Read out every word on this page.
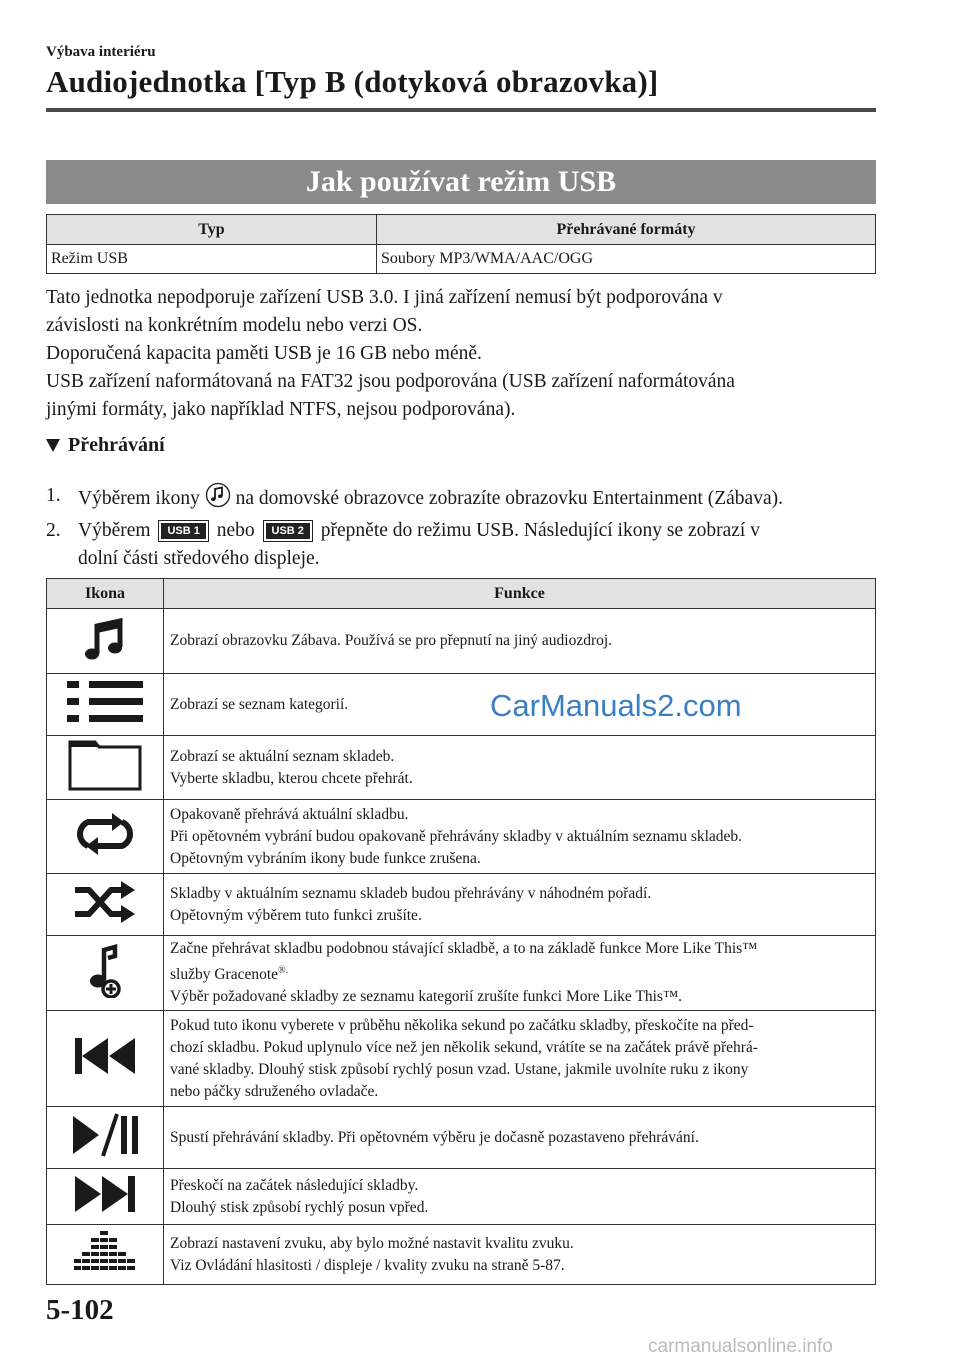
Výbava interiéru
Audiojednotka [Typ B (dotyková obrazovka)]
Jak používat režim USB
Typ	Přehrávané formáty
Režim USB	Soubory MP3/WMA/AAC/OGG
Tato jednotka nepodporuje zařízení USB 3.0. I jiná zařízení nemusí být podporována v
závislosti na konkrétním modelu nebo verzi OS.
Doporučená kapacita paměti USB je 16 GB nebo méně.
USB zařízení naformátovaná na FAT32 jsou podporována (USB zařízení naformátována
jinými formáty, jako například NTFS, nejsou podporována).
Přehrávání
1. Výběrem ikony na domovské obrazovce zobrazíte obrazovku Entertainment (Zábava).
2. Výběrem USB 1 nebo USB 2 přepněte do režimu USB. Následující ikony se zobrazí v
dolní části středového displeje.
Ikona	Funkce

Zobrazí obrazovku Zábava. Používá se pro přepnutí na jiný audiozdroj.

Zobrazí se seznam kategorií.

Zobrazí se aktuální seznam skladeb.
Vyberte skladbu, kterou chcete přehrát.

Opakovaně přehrává aktuální skladbu.
Při opětovném vybrání budou opakovaně přehrávány skladby v aktuálním seznamu skladeb.
Opětovným vybráním ikony bude funkce zrušena.

Skladby v aktuálním seznamu skladeb budou přehrávány v náhodném pořadí.
Opětovným výběrem tuto funkci zrušíte.

Začne přehrávat skladbu podobnou stávající skladbě, a to na základě funkce More Like This™
služby Gracenote®.
Výběr požadované skladby ze seznamu kategorií zrušíte funkci More Like This™.

Pokud tuto ikonu vyberete v průběhu několika sekund po začátku skladby, přeskočíte na před-
chozí skladbu. Pokud uplynulo více než jen několik sekund, vrátíte se na začátek právě přehrá-
vané skladby. Dlouhý stisk způsobí rychlý posun vzad. Ustane, jakmile uvolníte ruku z ikony
nebo páčky sdruženého ovladače.

Spustí přehrávání skladby. Při opětovném výběru je dočasně pozastaveno přehrávání.

Přeskočí na začátek následující skladby.
Dlouhý stisk způsobí rychlý posun vpřed.

Zobrazí nastavení zvuku, aby bylo možné nastavit kvalitu zvuku.
Viz Ovládání hlasitosti / displeje / kvality zvuku na straně 5-87.
CarManuals2.com
5-102
carmanualsonline.info
